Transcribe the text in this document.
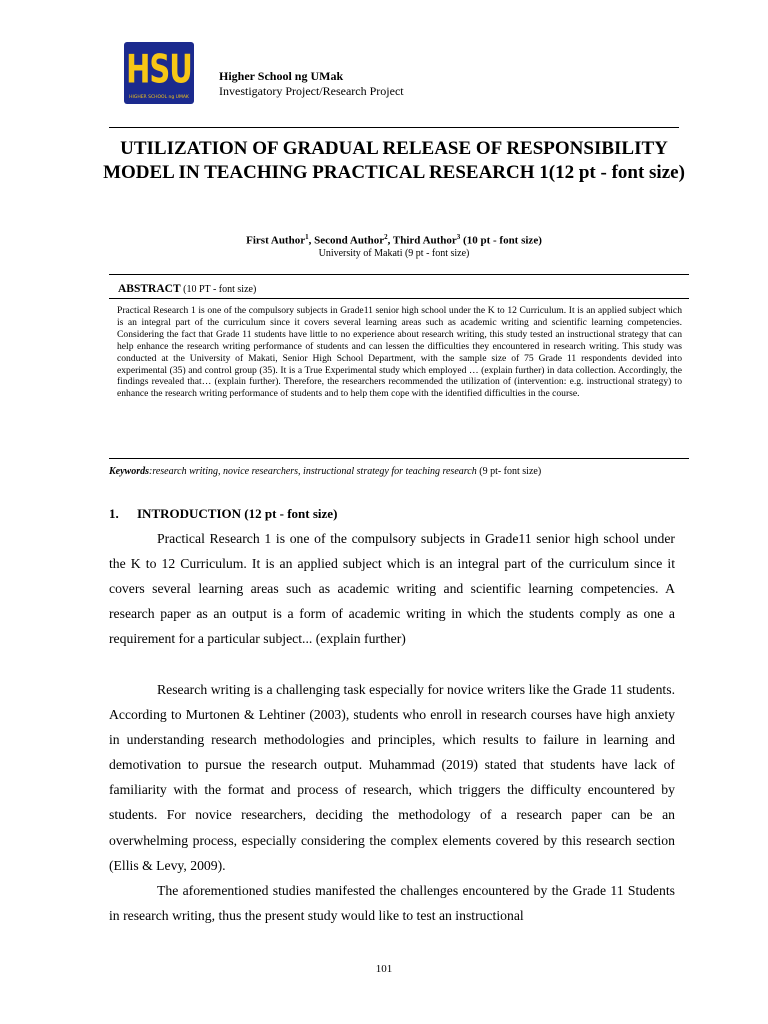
HSU
HIGHER SCHOOL ng UMAK
Higher School ng UMak
Investigatory Project/Research Project
UTILIZATION OF GRADUAL RELEASE OF RESPONSIBILITY MODEL IN TEACHING PRACTICAL RESEARCH 1(12 pt - font size)
First Author$^1$, Second Author$^2$, Third Author$^3$ (10 pt - font size)
University of Makati (9 pt - font size)
ABSTRACT (10 PT - font size)
Practical Research 1 is one of the compulsory subjects in Grade11 senior high school under the K to 12 Curriculum. It is an applied subject which is an integral part of the curriculum since it covers several learning areas such as academic writing and scientific learning competencies. Considering the fact that Grade 11 students have little to no experience about research writing, this study tested an instructional strategy that can help enhance the research writing performance of students and can lessen the difficulties they encountered in research writing. This study was conducted at the University of Makati, Senior High School Department, with the sample size of 75 Grade 11 respondents devided into experimental (35) and control group (35). It is a True Experimental study which employed … (explain further) in data collection. Accordingly, the findings revealed that… (explain further). Therefore, the researchers recommended the utilization of (intervention: e.g. instructional strategy) to enhance the research writing performance of students and to help them cope with the identified difficulties in the course.
Keywords:research writing, novice researchers, instructional strategy for teaching research (9 pt- font size)
1. INTRODUCTION (12 pt - font size)

Practical Research 1 is one of the compulsory subjects in Grade11 senior high school under the K to 12 Curriculum. It is an applied subject which is an integral part of the curriculum since it covers several learning areas such as academic writing and scientific learning competencies. A research paper as an output is a form of academic writing in which the students comply as one a requirement for a particular subject... (explain further)

Research writing is a challenging task especially for novice writers like the Grade 11 students. According to Murtonen & Lehtiner (2003), students who enroll in research courses have high anxiety in understanding research methodologies and principles, which results to failure in learning and demotivation to pursue the research output. Muhammad (2019) stated that students have lack of familiarity with the format and process of research, which triggers the difficulty encountered by students. For novice researchers, deciding the methodology of a research paper can be an overwhelming process, especially considering the complex elements covered by this research section (Ellis & Levy, 2009).

The aforementioned studies manifested the challenges encountered by the Grade 11 Students in research writing, thus the present study would like to test an instructional

101
